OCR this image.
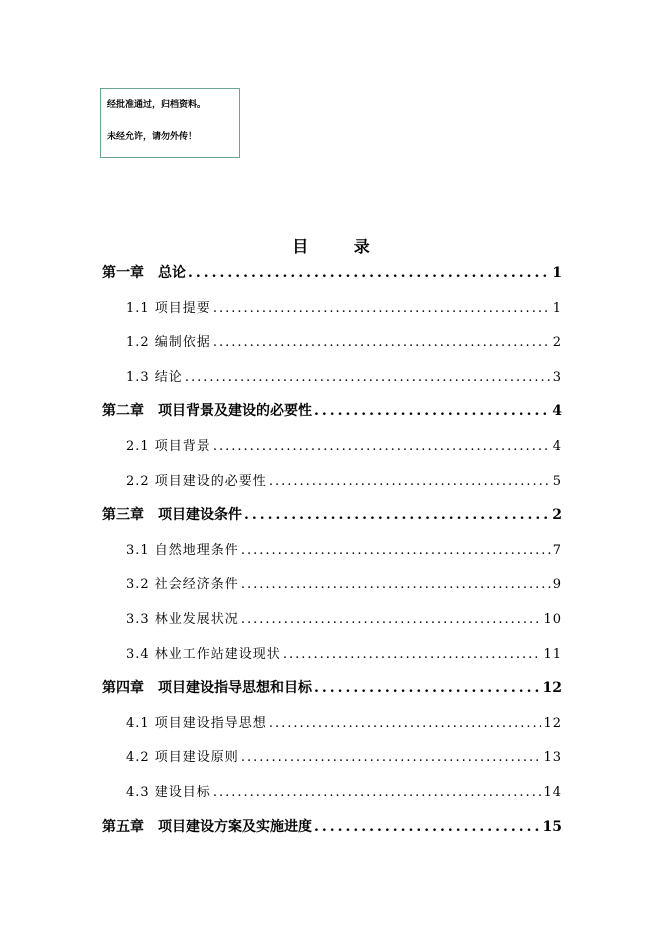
经批准通过，归档资料。
未经允许，请勿外传！
目 录
第一章　总论 .....	1
1.1 项目提要 .....	1
1.2 编制依据 .....	2
1.3 结论 .....	3
第二章　项目背景及建设的必要性 .....	4
2.1 项目背景 .....	4
2.2 项目建设的必要性 .....	5
第三章　项目建设条件 .....	2
3.1 自然地理条件 .....	7
3.2 社会经济条件 .....	9
3.3 林业发展状况 .....	10
3.4 林业工作站建设现状 .....	11
第四章　项目建设指导思想和目标 .....	12
4.1 项目建设指导思想 .....	12
4.2 项目建设原则 .....	13
4.3 建设目标 .....	14
第五章　项目建设方案及实施进度 .....	15
